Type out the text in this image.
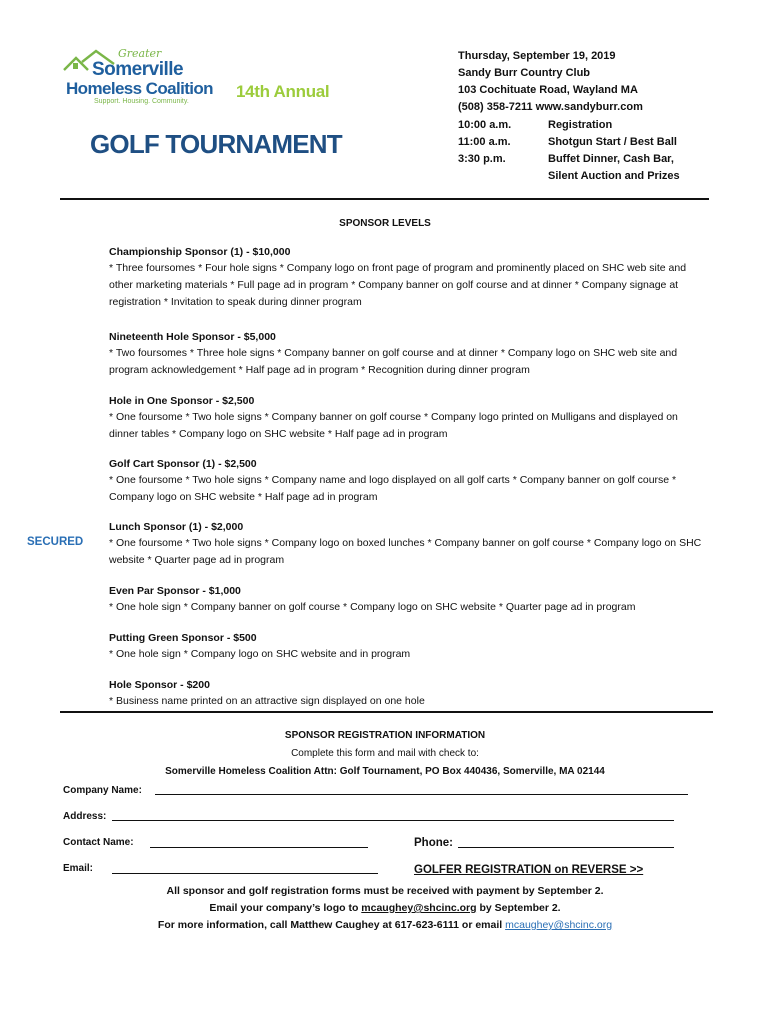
Greater
Somerville
Homeless Coalition
Support. Housing. Community.
14th Annual
GOLF TOURNAMENT
Thursday, September 19, 2019
Sandy Burr Country Club
103 Cochituate Road, Wayland MA
(508) 358-7211 www.sandyburr.com
10:00 a.m.	Registration
11:00 a.m.	Shotgun Start / Best Ball
3:30 p.m.	Buffet Dinner, Cash Bar,
Silent Auction and Prizes
SPONSOR LEVELS
Championship Sponsor (1) - $10,000
* Three foursomes * Four hole signs * Company logo on front page of program and prominently placed on SHC web site and other marketing materials * Full page ad in program * Company banner on golf course and at dinner * Company signage at registration * Invitation to speak during dinner program
Nineteenth Hole Sponsor - $5,000
* Two foursomes * Three hole signs * Company banner on golf course and at dinner * Company logo on SHC web site and program acknowledgement * Half page ad in program * Recognition during dinner program
Hole in One Sponsor - $2,500
* One foursome * Two hole signs * Company banner on golf course * Company logo printed on Mulligans and displayed on dinner tables * Company logo on SHC website * Half page ad in program
Golf Cart Sponsor (1) - $2,500
* One foursome * Two hole signs * Company name and logo displayed on all golf carts * Company banner on golf course * Company logo on SHC website * Half page ad in program
SECURED
Lunch Sponsor (1) - $2,000
* One foursome * Two hole signs * Company logo on boxed lunches * Company banner on golf course * Company logo on SHC website * Quarter page ad in program
Even Par Sponsor - $1,000
* One hole sign * Company banner on golf course * Company logo on SHC website * Quarter page ad in program
Putting Green Sponsor - $500
* One hole sign * Company logo on SHC website and in program
Hole Sponsor - $200
* Business name printed on an attractive sign displayed on one hole
SPONSOR REGISTRATION INFORMATION
Complete this form and mail with check to:
Somerville Homeless Coalition Attn: Golf Tournament, PO Box 440436, Somerville, MA 02144
Company Name:
Address:
Contact Name:	Phone:
Email:	GOLFER REGISTRATION on REVERSE >>
All sponsor and golf registration forms must be received with payment by September 2.
Email your company’s logo to mcaughey@shcinc.org by September 2.
For more information, call Matthew Caughey at 617-623-6111 or email mcaughey@shcinc.org
